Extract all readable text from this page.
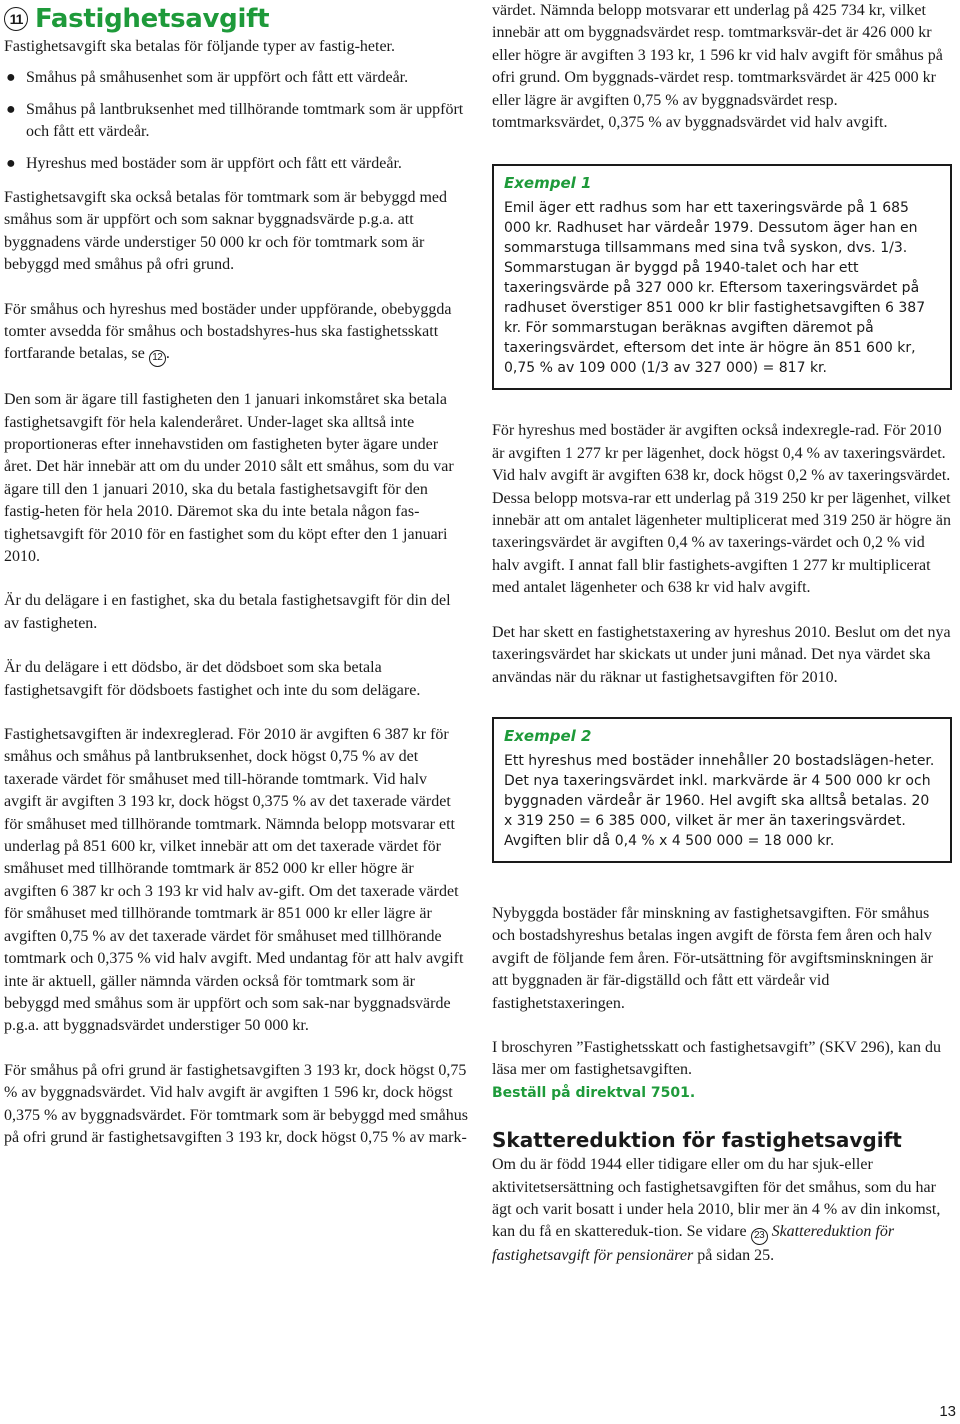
11 Fastighetsavgift

Fastighetsavgift ska betalas för följande typer av fastig-heter.

● Småhus på småhusenhet som är uppfört och fått ett värdeår.
● Småhus på lantbruksenhet med tillhörande tomtmark som är uppfört och fått ett värdeår.
● Hyreshus med bostäder som är uppfört och fått ett värdeår.

Fastighetsavgift ska också betalas för tomtmark som är bebyggd med småhus som är uppfört och som saknar byggnadsvärde p.g.a. att byggnadens värde understiger 50 000 kr och för tomtmark som är bebyggd med småhus på ofri grund.

För småhus och hyreshus med bostäder under uppförande, obebyggda tomter avsedda för småhus och bostadshyres-hus ska fastighetsskatt fortfarande betalas, se 12 .

Den som är ägare till fastigheten den 1 januari inkomståret ska betala fastighetsavgift för hela kalenderåret. Under-laget ska alltså inte proportioneras efter innehavstiden om fastigheten byter ägare under året. Det här innebär att om du under 2010 sålt ett småhus, som du var ägare till den 1 januari 2010, ska du betala fastighetsavgift för den fastig-heten för hela 2010. Däremot ska du inte betala någon fas-tighetsavgift för 2010 för en fastighet som du köpt efter den 1 januari 2010.

Är du delägare i en fastighet, ska du betala fastighetsavgift för din del av fastigheten.

Är du delägare i ett dödsbo, är det dödsboet som ska betala fastighetsavgift för dödsboets fastighet och inte du som delägare.

Fastighetsavgiften är indexreglerad. För 2010 är avgiften 6 387 kr för småhus och småhus på lantbruksenhet, dock högst 0,75 % av det taxerade värdet för småhuset med till-hörande tomtmark. Vid halv avgift är avgiften 3 193 kr, dock högst 0,375 % av det taxerade värdet för småhuset med tillhörande tomtmark. Nämnda belopp motsvarar ett underlag på 851 600 kr, vilket innebär att om det taxerade värdet för småhuset med tillhörande tomtmark är 852 000 kr eller högre är avgiften 6 387 kr och 3 193 kr vid halv av-gift. Om det taxerade värdet för småhuset med tillhörande tomtmark är 851 000 kr eller lägre är avgiften 0,75 % av det taxerade värdet för småhuset med tillhörande tomtmark och 0,375 % vid halv avgift. Med undantag för att halv avgift inte är aktuell, gäller nämnda värden också för tomtmark som är bebyggd med småhus som är uppfört och som sak-nar byggnadsvärde p.g.a. att byggnadsvärdet understiger 50 000 kr.

För småhus på ofri grund är fastighetsavgiften 3 193 kr, dock högst 0,75 % av byggnadsvärdet. Vid halv avgift är avgiften 1 596 kr, dock högst 0,375 % av byggnadsvärdet. För tomtmark som är bebyggd med småhus på ofri grund är fastighetsavgiften 3 193 kr, dock högst 0,75 % av mark-

värdet. Nämnda belopp motsvarar ett underlag på 425 734 kr, vilket innebär att om byggnadsvärdet resp. tomtmarksvär-det är 426 000 kr eller högre är avgiften 3 193 kr, 1 596 kr vid halv avgift för småhus på ofri grund. Om byggnads-värdet resp. tomtmarksvärdet är 425 000 kr eller lägre är avgiften 0,75 % av byggnadsvärdet resp. tomtmarksvärdet, 0,375 % av byggnadsvärdet vid halv avgift.

Exempel 1
Emil äger ett radhus som har ett taxeringsvärde på 1 685 000 kr. Radhuset har värdeår 1979. Dessutom äger han en sommarstuga tillsammans med sina två syskon, dvs. 1/3. Sommarstugan är byggd på 1940-talet och har ett taxeringsvärde på 327 000 kr. Eftersom taxeringsvärdet på radhuset överstiger 851 000 kr blir fastighetsavgiften 6 387 kr. För sommarstugan beräknas avgiften däremot på taxeringsvärdet, eftersom det inte är högre än 851 600 kr, 0,75 % av 109 000 (1/3 av 327 000) = 817 kr.

För hyreshus med bostäder är avgiften också indexregle-rad. För 2010 är avgiften 1 277 kr per lägenhet, dock högst 0,4 % av taxeringsvärdet. Vid halv avgift är avgiften 638 kr, dock högst 0,2 % av taxeringsvärdet. Dessa belopp motsva-rar ett underlag på 319 250 kr per lägenhet, vilket innebär att om antalet lägenheter multiplicerat med 319 250 är högre än taxeringsvärdet är avgiften 0,4 % av taxerings-värdet och 0,2 % vid halv avgift. I annat fall blir fastighets-avgiften 1 277 kr multiplicerat med antalet lägenheter och 638 kr vid halv avgift.

Det har skett en fastighetstaxering av hyreshus 2010. Beslut om det nya taxeringsvärdet har skickats ut under juni månad. Det nya värdet ska användas när du räknar ut fastighetsavgiften för 2010.

Exempel 2
Ett hyreshus med bostäder innehåller 20 bostadslägen-heter. Det nya taxeringsvärdet inkl. markvärde är 4 500 000 kr och byggnaden värdeår är 1960. Hel avgift ska alltså betalas. 20 x 319 250 = 6 385 000, vilket är mer än taxeringsvärdet. Avgiften blir då 0,4 % x 4 500 000 = 18 000 kr.

Nybyggda bostäder får minskning av fastighetsavgiften. För småhus och bostadshyreshus betalas ingen avgift de första fem åren och halv avgift de följande fem åren. För-utsättning för avgiftsminskningen är att byggnaden är fär-digställd och fått ett värdeår vid fastighetstaxeringen.

I broschyren ”Fastighetsskatt och fastighetsavgift” (SKV 296), kan du läsa mer om fastighetsavgiften.
Beställ på direktval 7501.

Skattereduktion för fastighetsavgift

Om du är född 1944 eller tidigare eller om du har sjuk-eller aktivitetsersättning och fastighetsavgiften för det småhus, som du har ägt och varit bosatt i under hela 2010, blir mer än 4 % av din inkomst, kan du få en skattereduk-tion. Se vidare 23 Skattereduktion för fastighetsavgift för pensionärer på sidan 25.

13
